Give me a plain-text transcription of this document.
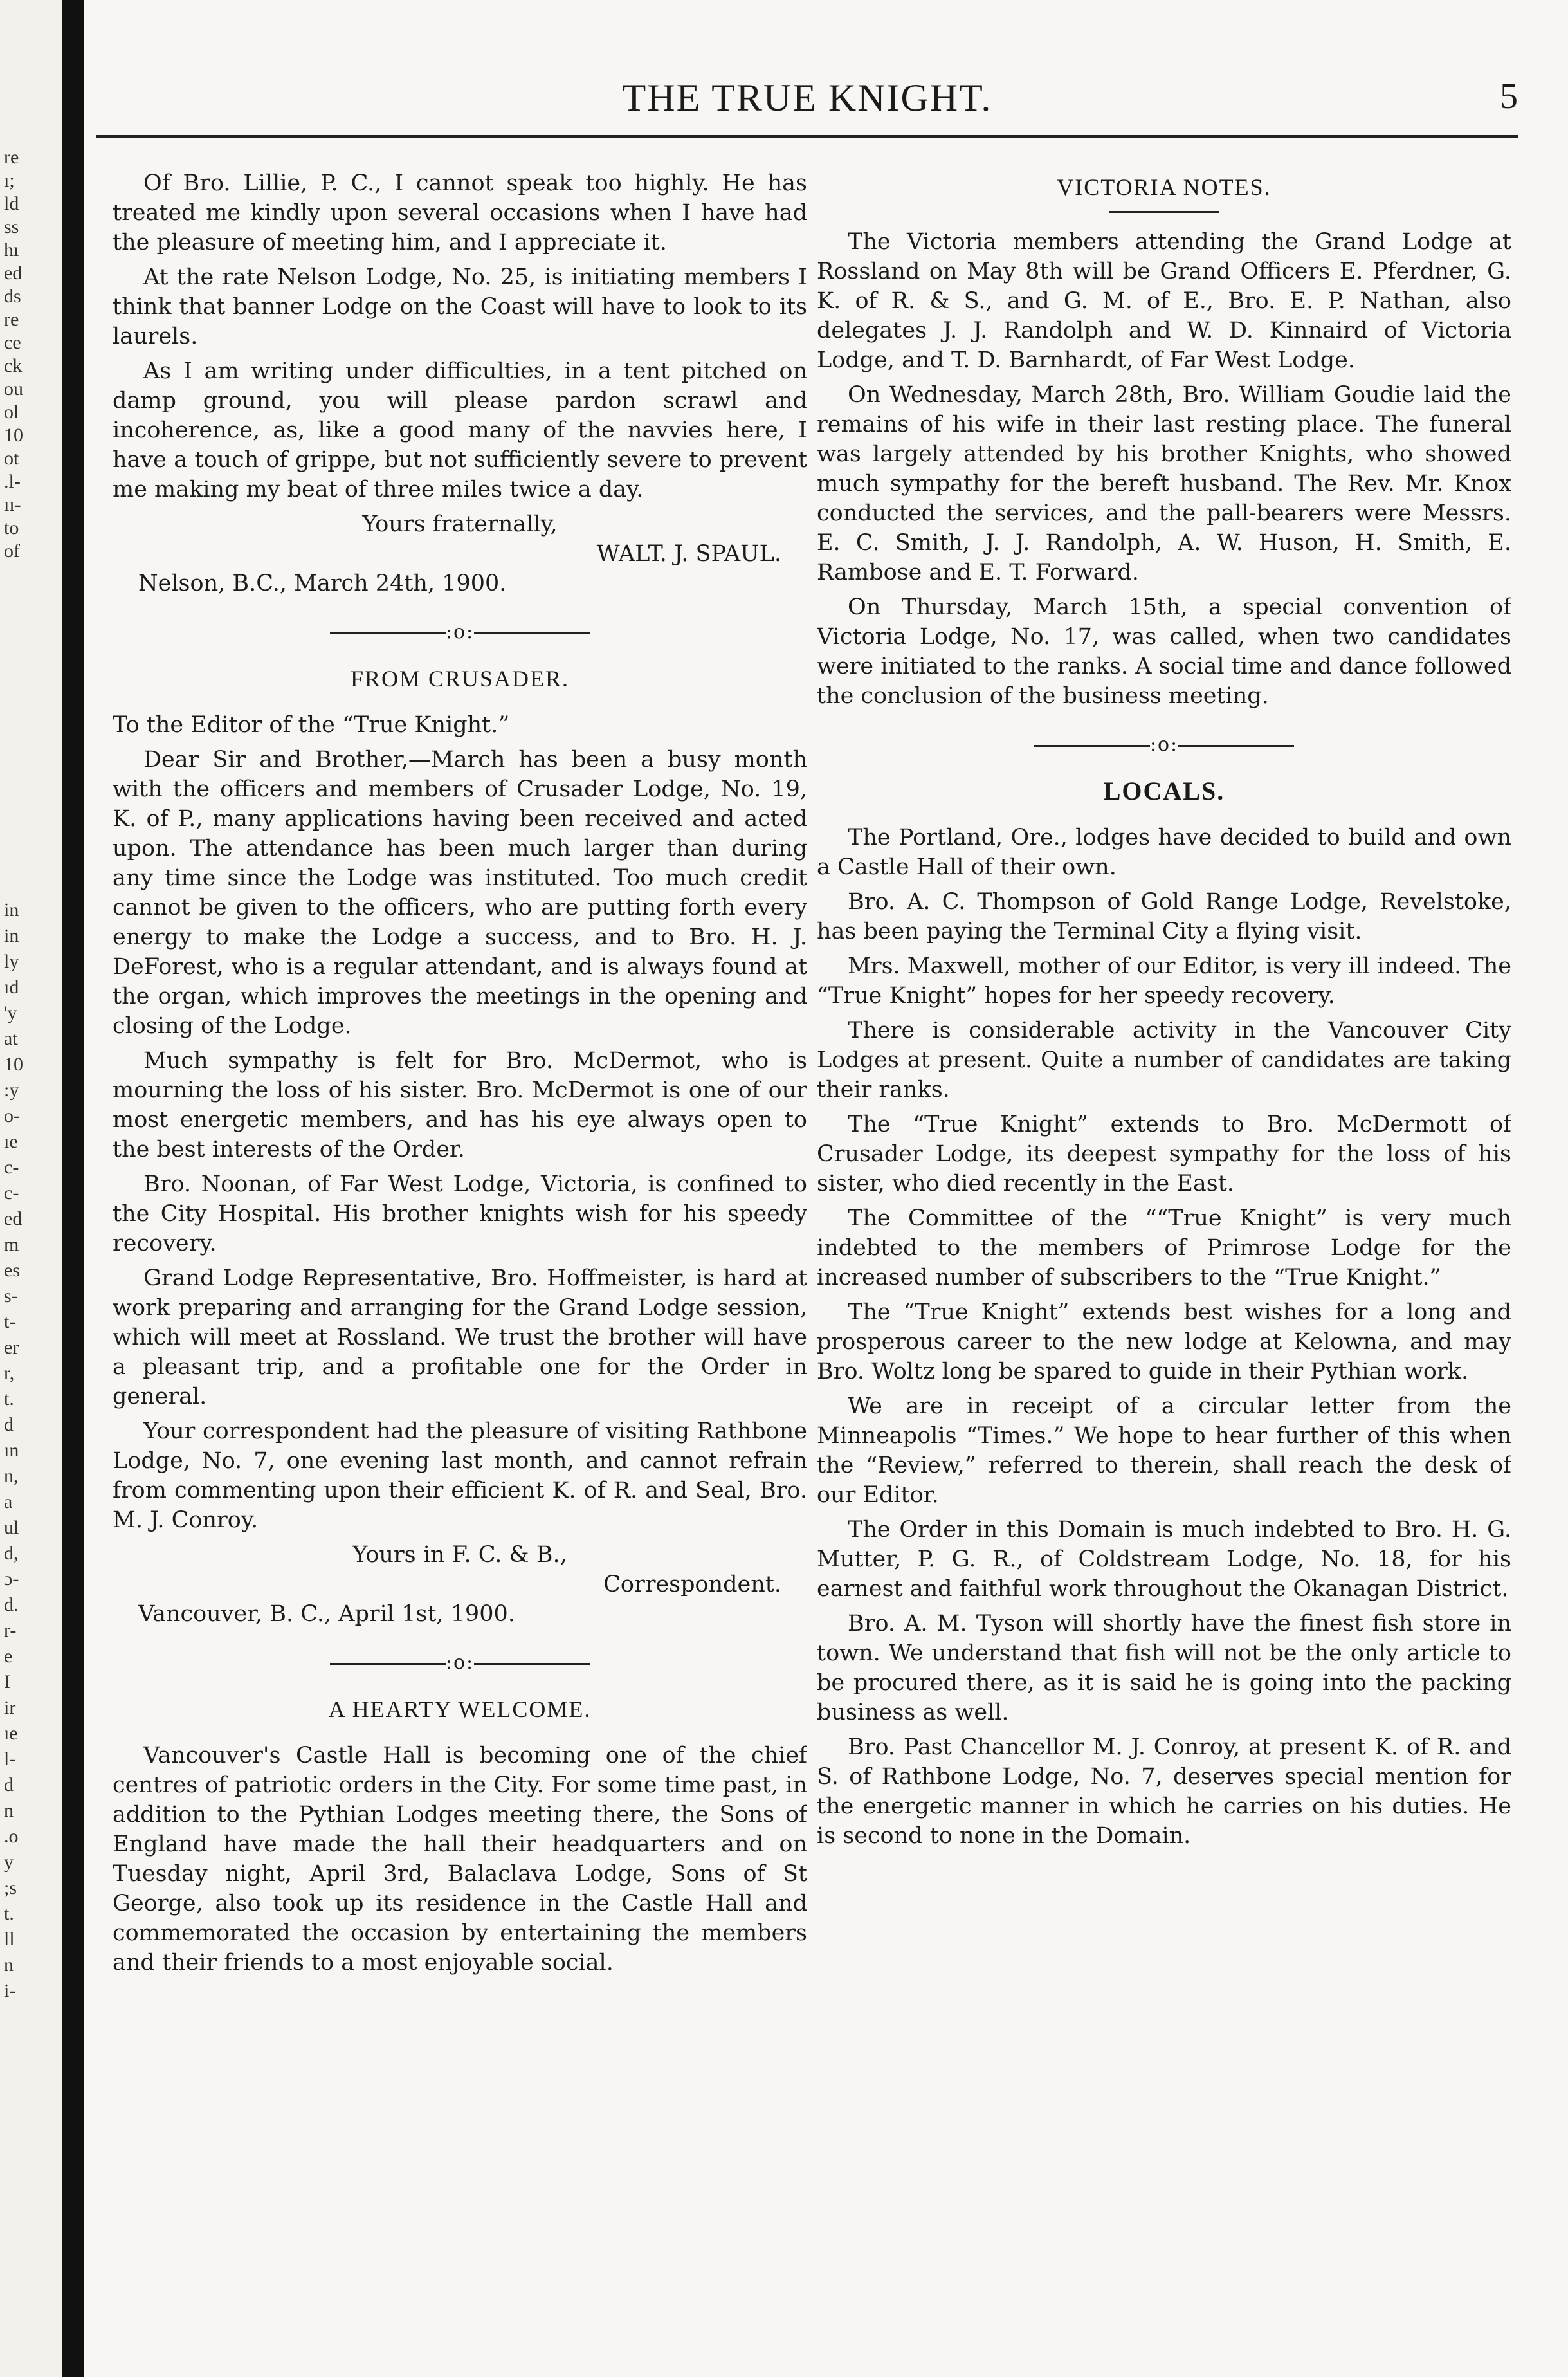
re
ı;
ld
ss
hı
ed
ds
re
ce
ck
ou
ol
10
ot
.l-
ıı-
to
of
in
in
ly
ıd
'y
at
10
:y
o-
ıe
c-
c-
ed
m
es
s-
t-
er
r,
t.
d
ın
n,
a
ul
d,
ɔ-
d.
r-
e
I
ir
ıe
l-
d
n
.o
y
;s
t.
ll
n
i-
THE TRUE KNIGHT.	5

Of Bro. Lillie, P. C., I cannot speak too highly. He has treated me kindly upon several occasions when I have had the pleasure of meeting him, and I appreciate it.

At the rate Nelson Lodge, No. 25, is initiating members I think that banner Lodge on the Coast will have to look to its laurels.

As I am writing under difficulties, in a tent pitched on damp ground, you will please pardon scrawl and incoherence, as, like a good many of the navvies here, I have a touch of grippe, but not sufficiently severe to prevent me making my beat of three miles twice a day.

Yours fraternally,

WALT. J. SPAUL.

Nelson, B.C., March 24th, 1900.

:o:
FROM CRUSADER.

To the Editor of the “True Knight.”

Dear Sir and Brother,—March has been a busy month with the officers and members of Crusader Lodge, No. 19, K. of P., many applications having been received and acted upon. The attendance has been much larger than during any time since the Lodge was instituted. Too much credit cannot be given to the officers, who are putting forth every energy to make the Lodge a success, and to Bro. H. J. DeForest, who is a regular attendant, and is always found at the organ, which improves the meetings in the opening and closing of the Lodge.

Much sympathy is felt for Bro. McDermot, who is mourning the loss of his sister. Bro. McDermot is one of our most energetic members, and has his eye always open to the best interests of the Order.

Bro. Noonan, of Far West Lodge, Victoria, is confined to the City Hospital. His brother knights wish for his speedy recovery.

Grand Lodge Representative, Bro. Hoffmeister, is hard at work preparing and arranging for the Grand Lodge session, which will meet at Rossland. We trust the brother will have a pleasant trip, and a profitable one for the Order in general.

Your correspondent had the pleasure of visiting Rathbone Lodge, No. 7, one evening last month, and cannot refrain from commenting upon their efficient K. of R. and Seal, Bro. M. J. Conroy.

Yours in F. C. & B.,

Correspondent.

Vancouver, B. C., April 1st, 1900.

:o:
A HEARTY WELCOME.

Vancouver's Castle Hall is becoming one of the chief centres of patriotic orders in the City. For some time past, in addition to the Pythian Lodges meeting there, the Sons of England have made the hall their headquarters and on Tuesday night, April 3rd, Balaclava Lodge, Sons of St George, also took up its residence in the Castle Hall and commemorated the occasion by entertaining the members and their friends to a most enjoyable social.

VICTORIA NOTES.

The Victoria members attending the Grand Lodge at Rossland on May 8th will be Grand Officers E. Pferdner, G. K. of R. & S., and G. M. of E., Bro. E. P. Nathan, also delegates J. J. Randolph and W. D. Kinnaird of Victoria Lodge, and T. D. Barnhardt, of Far West Lodge.

On Wednesday, March 28th, Bro. William Goudie laid the remains of his wife in their last resting place. The funeral was largely attended by his brother Knights, who showed much sympathy for the bereft husband. The Rev. Mr. Knox conducted the services, and the pall-bearers were Messrs. E. C. Smith, J. J. Randolph, A. W. Huson, H. Smith, E. Rambose and E. T. Forward.

On Thursday, March 15th, a special convention of Victoria Lodge, No. 17, was called, when two candidates were initiated to the ranks. A social time and dance followed the conclusion of the business meeting.

:o:
LOCALS.

The Portland, Ore., lodges have decided to build and own a Castle Hall of their own.

Bro. A. C. Thompson of Gold Range Lodge, Revelstoke, has been paying the Terminal City a flying visit.

Mrs. Maxwell, mother of our Editor, is very ill indeed. The “True Knight” hopes for her speedy recovery.

There is considerable activity in the Vancouver City Lodges at present. Quite a number of candidates are taking their ranks.

The “True Knight” extends to Bro. McDermott of Crusader Lodge, its deepest sympathy for the loss of his sister, who died recently in the East.

The Committee of the ““True Knight” is very much indebted to the members of Primrose Lodge for the increased number of subscribers to the “True Knight.”

The “True Knight” extends best wishes for a long and prosperous career to the new lodge at Kelowna, and may Bro. Woltz long be spared to guide in their Pythian work.

We are in receipt of a circular letter from the Minneapolis “Times.” We hope to hear further of this when the “Review,” referred to therein, shall reach the desk of our Editor.

The Order in this Domain is much indebted to Bro. H. G. Mutter, P. G. R., of Coldstream Lodge, No. 18, for his earnest and faithful work throughout the Okanagan District.

Bro. A. M. Tyson will shortly have the finest fish store in town. We understand that fish will not be the only article to be procured there, as it is said he is going into the packing business as well.

Bro. Past Chancellor M. J. Conroy, at present K. of R. and S. of Rathbone Lodge, No. 7, deserves special mention for the energetic manner in which he carries on his duties. He is second to none in the Domain.
